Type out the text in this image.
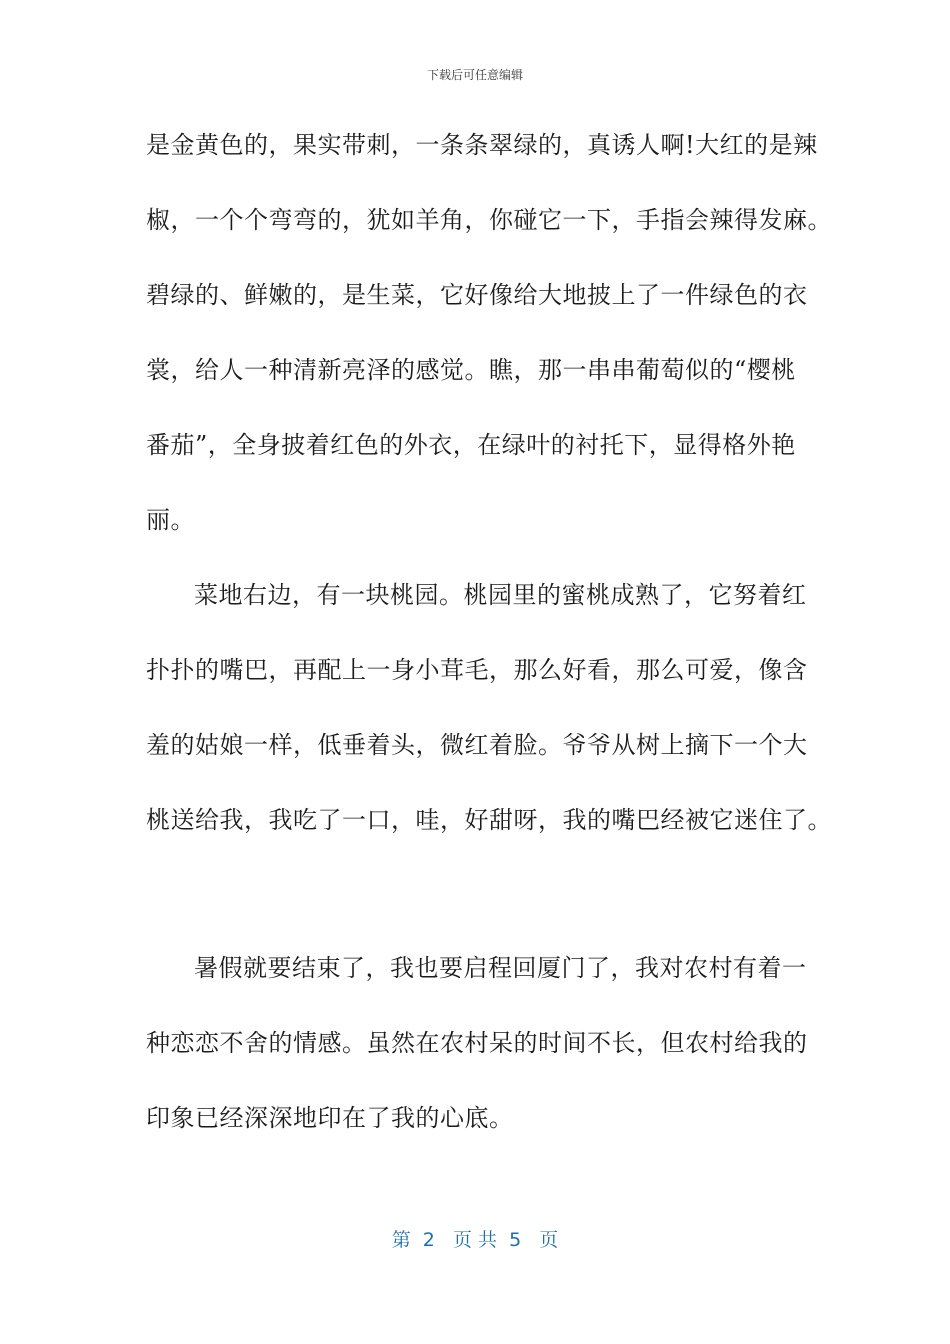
下载后可任意编辑
是金黄色的，果实带刺，一条条翠绿的，真诱人啊!大红的是辣
椒，一个个弯弯的，犹如羊角，你碰它一下，手指会辣得发麻。
碧绿的、鲜嫩的，是生菜，它好像给大地披上了一件绿色的衣
裳，给人一种清新亮泽的感觉。瞧，那一串串葡萄似的“樱桃
番茄”，全身披着红色的外衣，在绿叶的衬托下，显得格外艳
丽。
菜地右边，有一块桃园。桃园里的蜜桃成熟了，它努着红
扑扑的嘴巴，再配上一身小茸毛，那么好看，那么可爱，像含
羞的姑娘一样，低垂着头，微红着脸。爷爷从树上摘下一个大
桃送给我，我吃了一口，哇，好甜呀，我的嘴巴经被它迷住了。
暑假就要结束了，我也要启程回厦门了，我对农村有着一
种恋恋不舍的情感。虽然在农村呆的时间不长，但农村给我的
印象已经深深地印在了我的心底。
第  2   页 共  5   页
